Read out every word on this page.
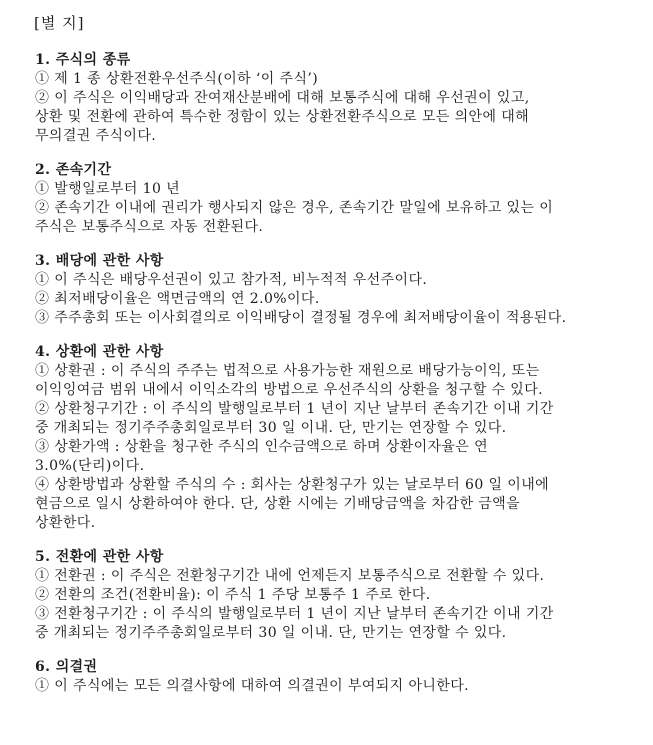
[별 지]
1. 주식의 종류
① 제 1 종 상환전환우선주식(이하 ‘이 주식’)
② 이 주식은 이익배당과 잔여재산분배에 대해 보통주식에 대해 우선권이 있고,
상환 및 전환에 관하여 특수한 정함이 있는 상환전환주식으로 모든 의안에 대해
무의결권 주식이다.
2. 존속기간
① 발행일로부터 10 년
② 존속기간 이내에 권리가 행사되지 않은 경우, 존속기간 말일에 보유하고 있는 이
주식은 보통주식으로 자동 전환된다.
3. 배당에 관한 사항
① 이 주식은 배당우선권이 있고 참가적, 비누적적 우선주이다.
② 최저배당이율은 액면금액의 연 2.0%이다.
③ 주주총회 또는 이사회결의로 이익배당이 결정될 경우에 최저배당이율이 적용된다.
4. 상환에 관한 사항
① 상환권 : 이 주식의 주주는 법적으로 사용가능한 재원으로 배당가능이익, 또는
이익잉여금 범위 내에서 이익소각의 방법으로 우선주식의 상환을 청구할 수 있다.
② 상환청구기간 : 이 주식의 발행일로부터 1 년이 지난 날부터 존속기간 이내 기간
중 개최되는 정기주주총회일로부터 30 일 이내. 단, 만기는 연장할 수 있다.
③ 상환가액 : 상환을 청구한 주식의 인수금액으로 하며 상환이자율은 연
3.0%(단리)이다.
④ 상환방법과 상환할 주식의 수 : 회사는 상환청구가 있는 날로부터 60 일 이내에
현금으로 일시 상환하여야 한다. 단, 상환 시에는 기배당금액을 차감한 금액을
상환한다.
5. 전환에 관한 사항
① 전환권 : 이 주식은 전환청구기간 내에 언제든지 보통주식으로 전환할 수 있다.
② 전환의 조건(전환비율): 이 주식 1 주당 보통주 1 주로 한다.
③ 전환청구기간 : 이 주식의 발행일로부터 1 년이 지난 날부터 존속기간 이내 기간
중 개최되는 정기주주총회일로부터 30 일 이내. 단, 만기는 연장할 수 있다.
6. 의결권
① 이 주식에는 모든 의결사항에 대하여 의결권이 부여되지 아니한다.
